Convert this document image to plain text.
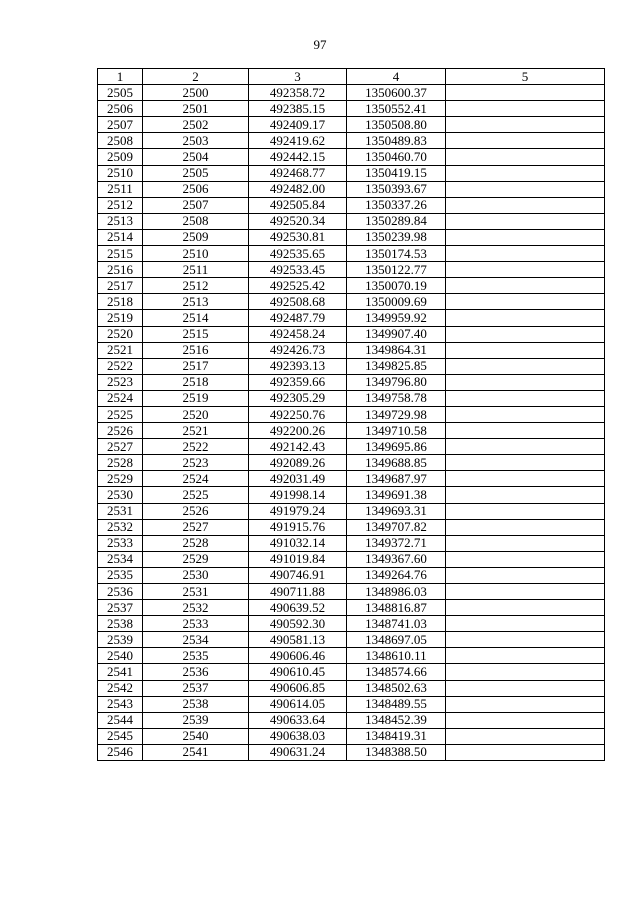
97
1	2	3	4	5
2505	2500	492358.72	1350600.37	
2506	2501	492385.15	1350552.41	
2507	2502	492409.17	1350508.80	
2508	2503	492419.62	1350489.83	
2509	2504	492442.15	1350460.70	
2510	2505	492468.77	1350419.15	
2511	2506	492482.00	1350393.67	
2512	2507	492505.84	1350337.26	
2513	2508	492520.34	1350289.84	
2514	2509	492530.81	1350239.98	
2515	2510	492535.65	1350174.53	
2516	2511	492533.45	1350122.77	
2517	2512	492525.42	1350070.19	
2518	2513	492508.68	1350009.69	
2519	2514	492487.79	1349959.92	
2520	2515	492458.24	1349907.40	
2521	2516	492426.73	1349864.31	
2522	2517	492393.13	1349825.85	
2523	2518	492359.66	1349796.80	
2524	2519	492305.29	1349758.78	
2525	2520	492250.76	1349729.98	
2526	2521	492200.26	1349710.58	
2527	2522	492142.43	1349695.86	
2528	2523	492089.26	1349688.85	
2529	2524	492031.49	1349687.97	
2530	2525	491998.14	1349691.38	
2531	2526	491979.24	1349693.31	
2532	2527	491915.76	1349707.82	
2533	2528	491032.14	1349372.71	
2534	2529	491019.84	1349367.60	
2535	2530	490746.91	1349264.76	
2536	2531	490711.88	1348986.03	
2537	2532	490639.52	1348816.87	
2538	2533	490592.30	1348741.03	
2539	2534	490581.13	1348697.05	
2540	2535	490606.46	1348610.11	
2541	2536	490610.45	1348574.66	
2542	2537	490606.85	1348502.63	
2543	2538	490614.05	1348489.55	
2544	2539	490633.64	1348452.39	
2545	2540	490638.03	1348419.31	
2546	2541	490631.24	1348388.50	
